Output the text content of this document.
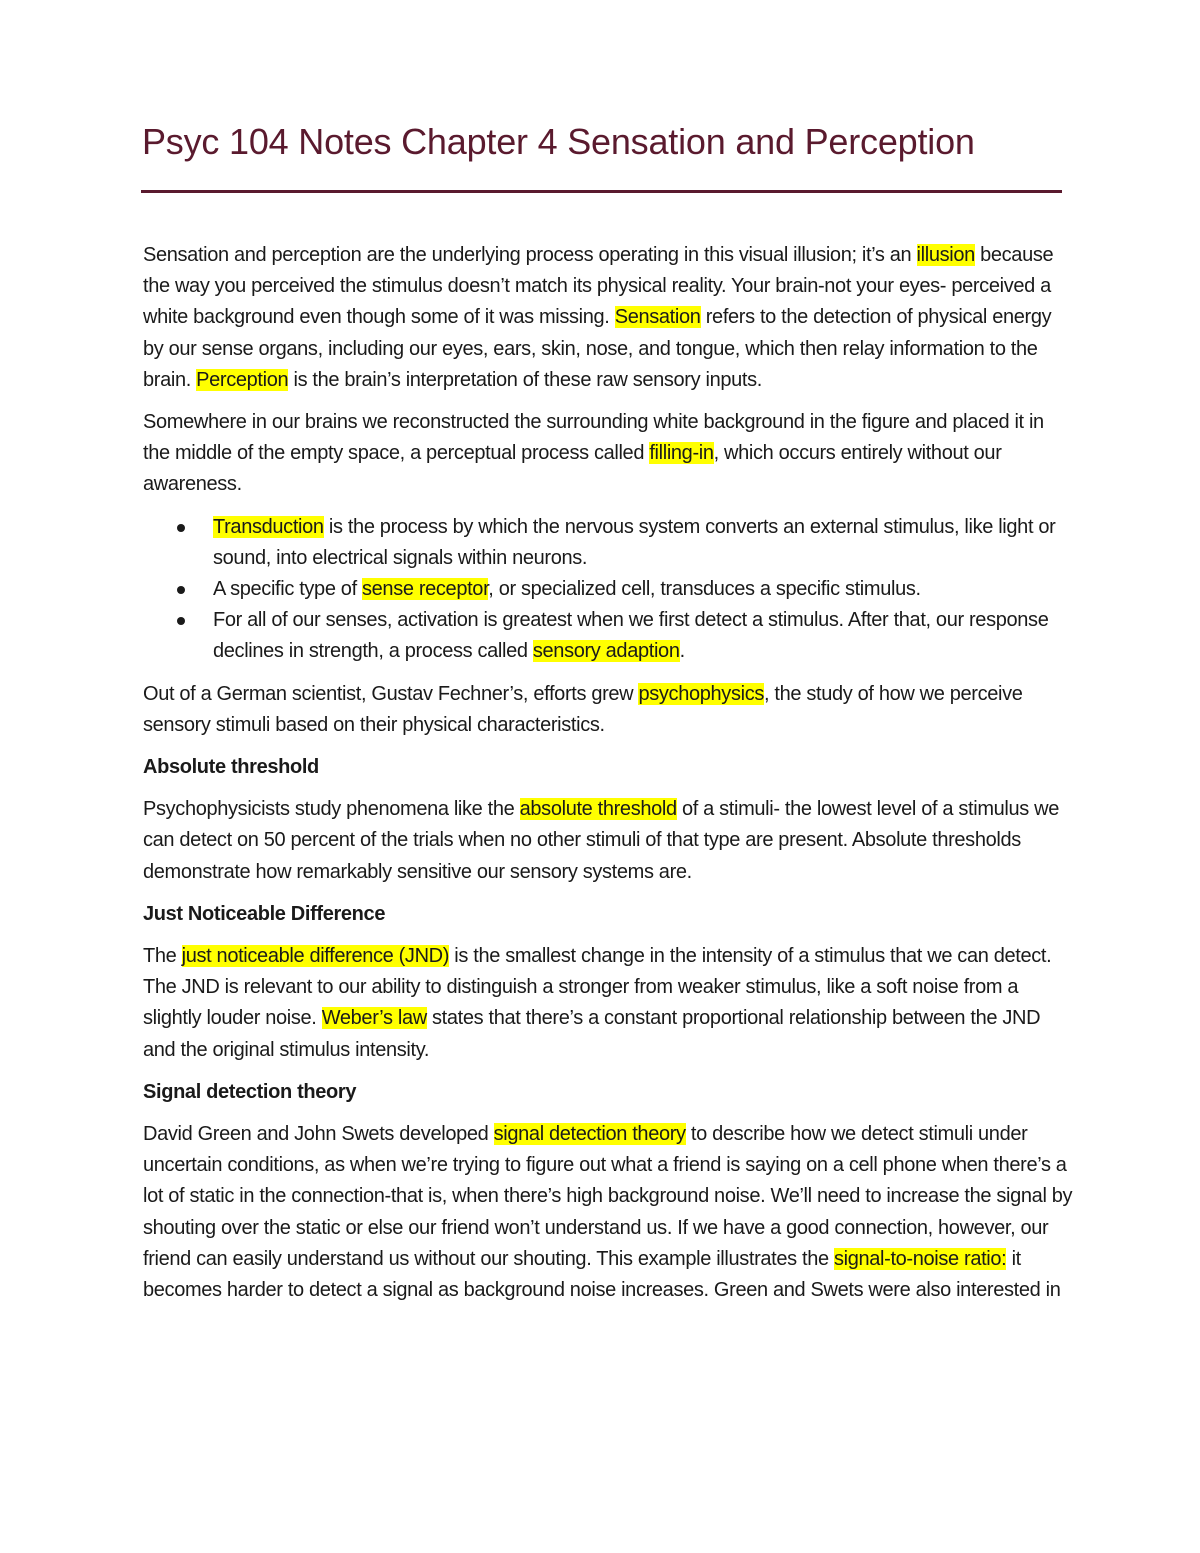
Psyc 104 Notes Chapter 4 Sensation and Perception

Sensation and perception are the underlying process operating in this visual illusion; it’s an illusion because the way you perceived the stimulus doesn’t match its physical reality. Your brain-not your eyes- perceived a white background even though some of it was missing. Sensation refers to the detection of physical energy by our sense organs, including our eyes, ears, skin, nose, and tongue, which then relay information to the brain. Perception is the brain’s interpretation of these raw sensory inputs.

Somewhere in our brains we reconstructed the surrounding white background in the figure and placed it in the middle of the empty space, a perceptual process called filling-in, which occurs entirely without our awareness.

Transduction is the process by which the nervous system converts an external stimulus, like light or sound, into electrical signals within neurons.
A specific type of sense receptor, or specialized cell, transduces a specific stimulus.
For all of our senses, activation is greatest when we first detect a stimulus. After that, our response declines in strength, a process called sensory adaption.

Out of a German scientist, Gustav Fechner’s, efforts grew psychophysics, the study of how we perceive sensory stimuli based on their physical characteristics.

Absolute threshold

Psychophysicists study phenomena like the absolute threshold of a stimuli- the lowest level of a stimulus we can detect on 50 percent of the trials when no other stimuli of that type are present. Absolute thresholds demonstrate how remarkably sensitive our sensory systems are.

Just Noticeable Difference

The just noticeable difference (JND) is the smallest change in the intensity of a stimulus that we can detect. The JND is relevant to our ability to distinguish a stronger from weaker stimulus, like a soft noise from a slightly louder noise. Weber’s law states that there’s a constant proportional relationship between the JND and the original stimulus intensity.

Signal detection theory

David Green and John Swets developed signal detection theory to describe how we detect stimuli under uncertain conditions, as when we’re trying to figure out what a friend is saying on a cell phone when there’s a lot of static in the connection-that is, when there’s high background noise. We’ll need to increase the signal by shouting over the static or else our friend won’t understand us. If we have a good connection, however, our friend can easily understand us without our shouting. This example illustrates the signal-to-noise ratio: it becomes harder to detect a signal as background noise increases. Green and Swets were also interested in
